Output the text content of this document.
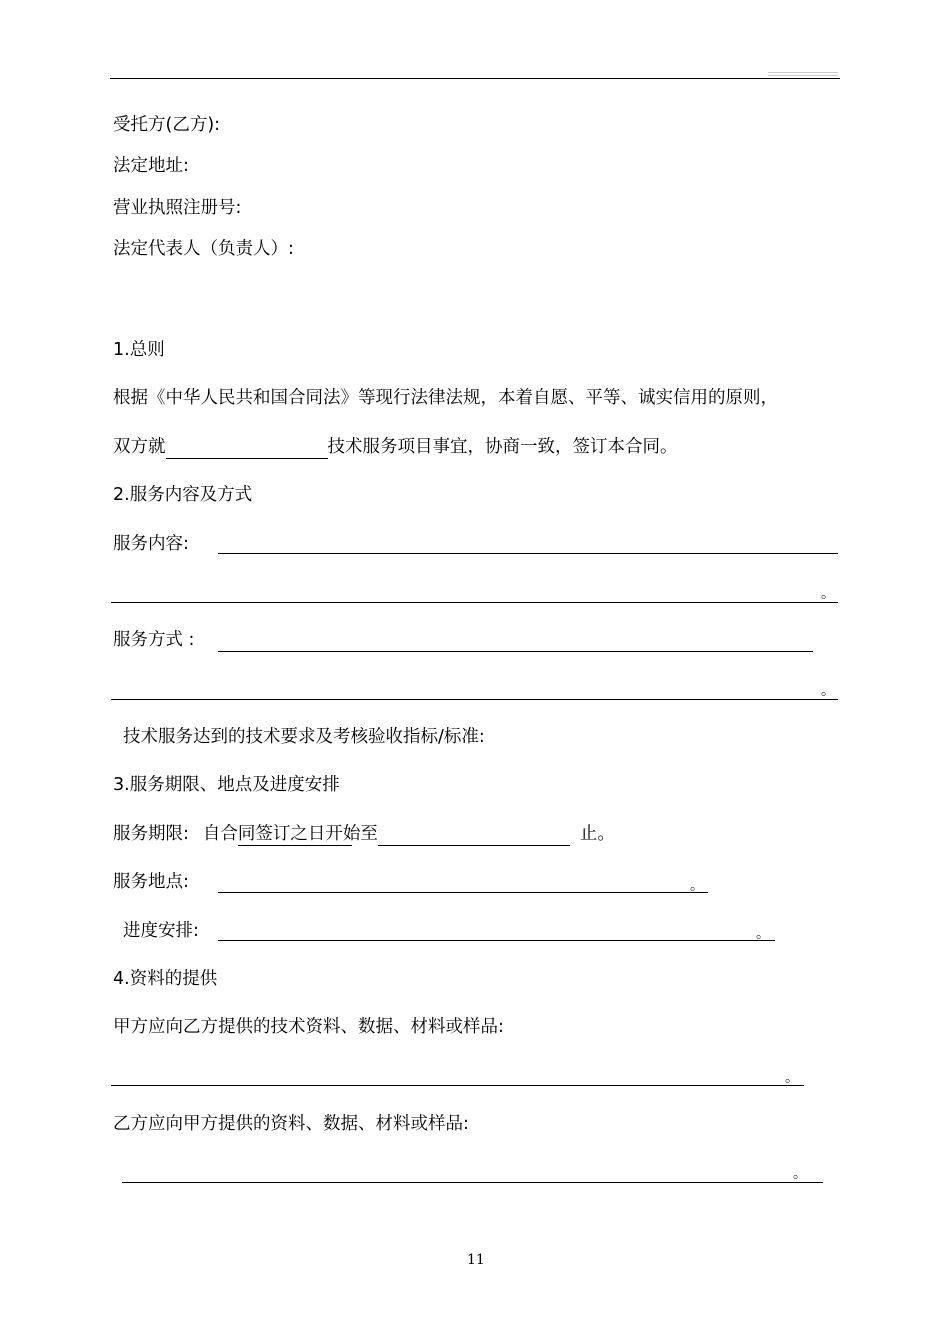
受托方(乙方):
法定地址:
营业执照注册号:
法定代表人（负责人）:
1.总则
根据《中华人民共和国合同法》等现行法律法规，本着自愿、平等、诚实信用的原则，
双方就	技术服务项目事宜，协商一致，签订本合同。
2.服务内容及方式
服务内容:
。
服务方式 :
。
技术服务达到的技术要求及考核验收指标/标准:
3.服务期限、地点及进度安排
服务期限: 自合同签订之日开始至	止。
服务地点:	。
进度安排:	。
4.资料的提供
甲方应向乙方提供的技术资料、数据、材料或样品:
。
乙方应向甲方提供的资料、数据、材料或样品:
。
11
